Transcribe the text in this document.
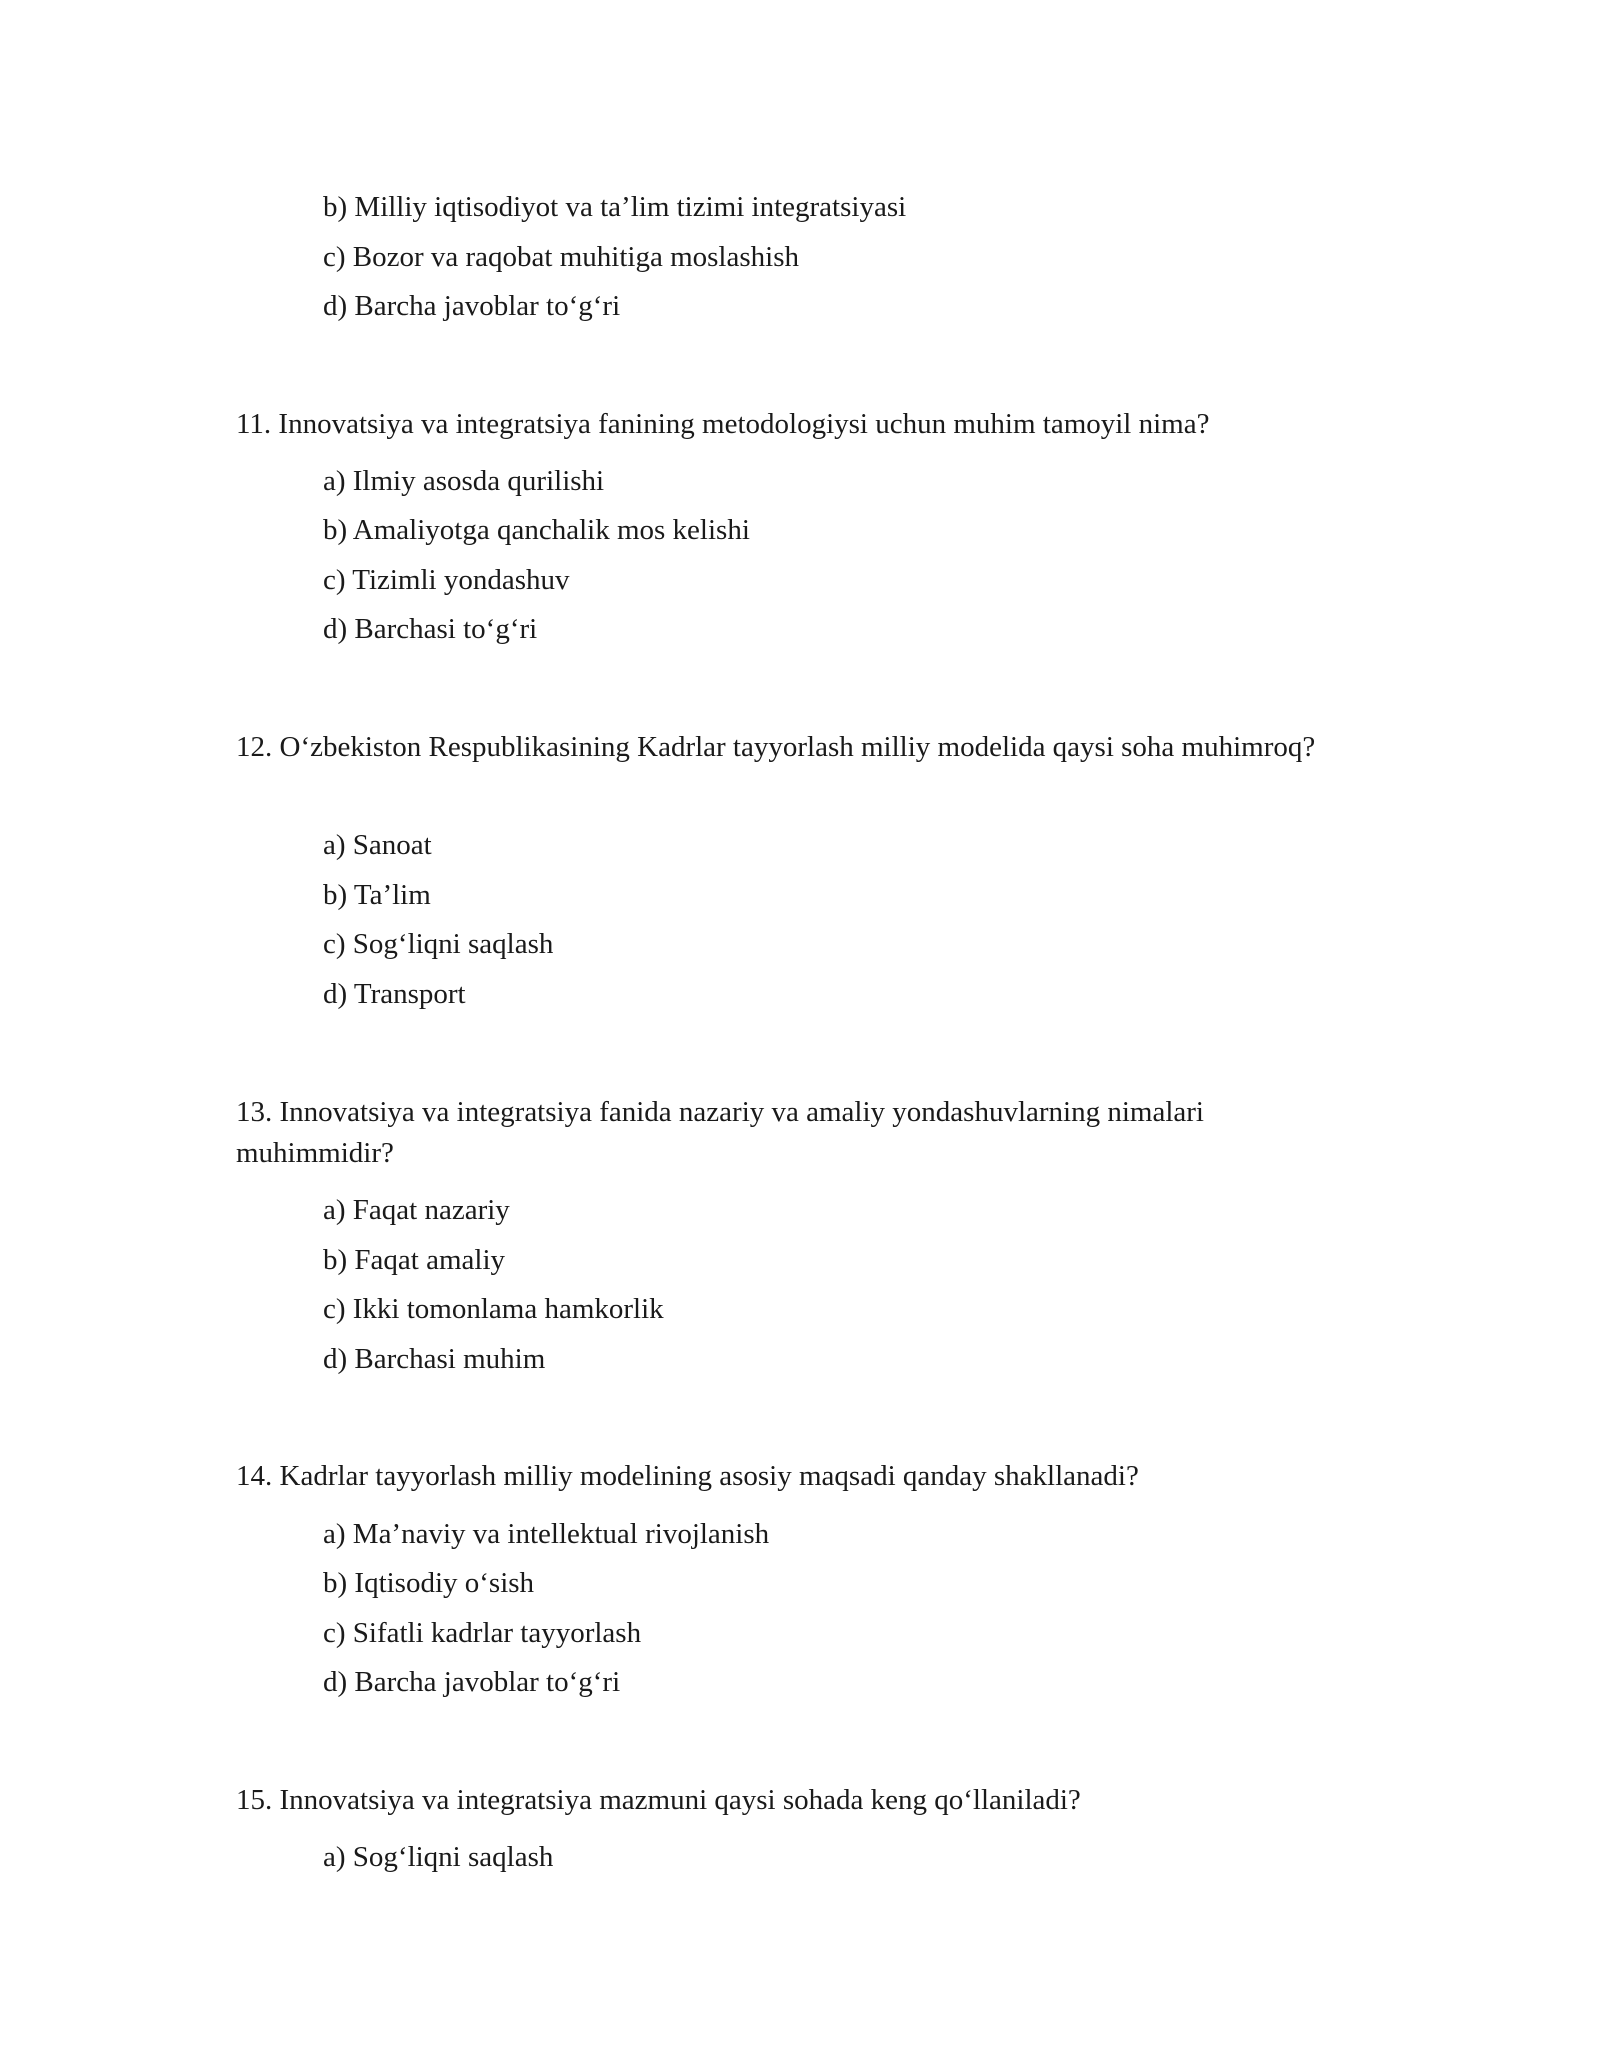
b) Milliy iqtisodiyot va ta’lim tizimi integratsiyasi

c) Bozor va raqobat muhitiga moslashish

d) Barcha javoblar to‘g‘ri

11. Innovatsiya va integratsiya fanining metodologiysi uchun muhim tamoyil nima?

a) Ilmiy asosda qurilishi

b) Amaliyotga qanchalik mos kelishi

c) Tizimli yondashuv

d) Barchasi to‘g‘ri

12. O‘zbekiston Respublikasining Kadrlar tayyorlash milliy modelida qaysi soha muhimroq?

a) Sanoat

b) Ta’lim

c) Sog‘liqni saqlash

d) Transport

13. Innovatsiya va integratsiya fanida nazariy va amaliy yondashuvlarning nimalari muhimmidir?

a) Faqat nazariy

b) Faqat amaliy

c) Ikki tomonlama hamkorlik

d) Barchasi muhim

14. Kadrlar tayyorlash milliy modelining asosiy maqsadi qanday shakllanadi?

a) Ma’naviy va intellektual rivojlanish

b) Iqtisodiy o‘sish

c) Sifatli kadrlar tayyorlash

d) Barcha javoblar to‘g‘ri

15. Innovatsiya va integratsiya mazmuni qaysi sohada keng qo‘llaniladi?

a) Sog‘liqni saqlash
